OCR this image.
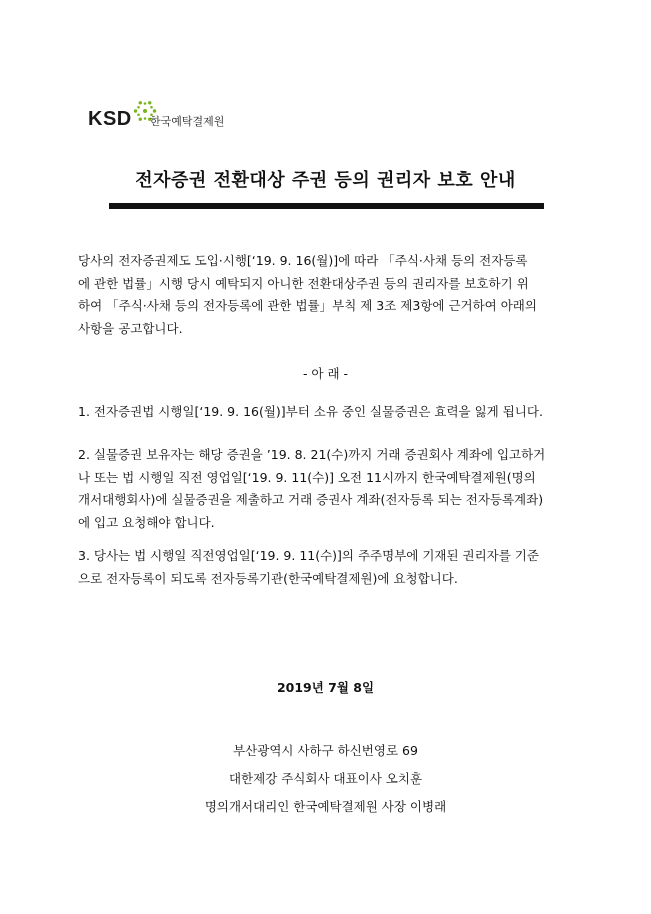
KSD 한국예탁결제원
전자증권 전환대상 주권 등의 권리자 보호 안내
당사의 전자증권제도 도입·시행[‘19. 9. 16(월)]에 따라 「주식·사채 등의 전자등록
에 관한 법률」시행 당시 예탁되지 아니한 전환대상주권 등의 권리자를 보호하기 위
하여 「주식·사채 등의 전자등록에 관한 법률」부칙 제 3조 제3항에 근거하여 아래의
사항을 공고합니다.
- 아 래 -
1. 전자증권법 시행일[‘19. 9. 16(월)]부터 소유 중인 실물증권은 효력을 잃게 됩니다.
2. 실물증권 보유자는 해당 증권을 ’19. 8. 21(수)까지 거래 증권회사 계좌에 입고하거
나 또는 법 시행일 직전 영업일[‘19. 9. 11(수)] 오전 11시까지 한국예탁결제원(명의
개서대행회사)에 실물증권을 제출하고 거래 증권사 계좌(전자등록 되는 전자등록계좌)
에 입고 요청해야 합니다.
3. 당사는 법 시행일 직전영업일[‘19. 9. 11(수)]의 주주명부에 기재된 권리자를 기준
으로 전자등록이 되도록 전자등록기관(한국예탁결제원)에 요청합니다.
2019년 7월 8일
부산광역시 사하구 하신번영로 69
대한제강 주식회사 대표이사 오치훈
명의개서대리인 한국예탁결제원 사장 이병래
